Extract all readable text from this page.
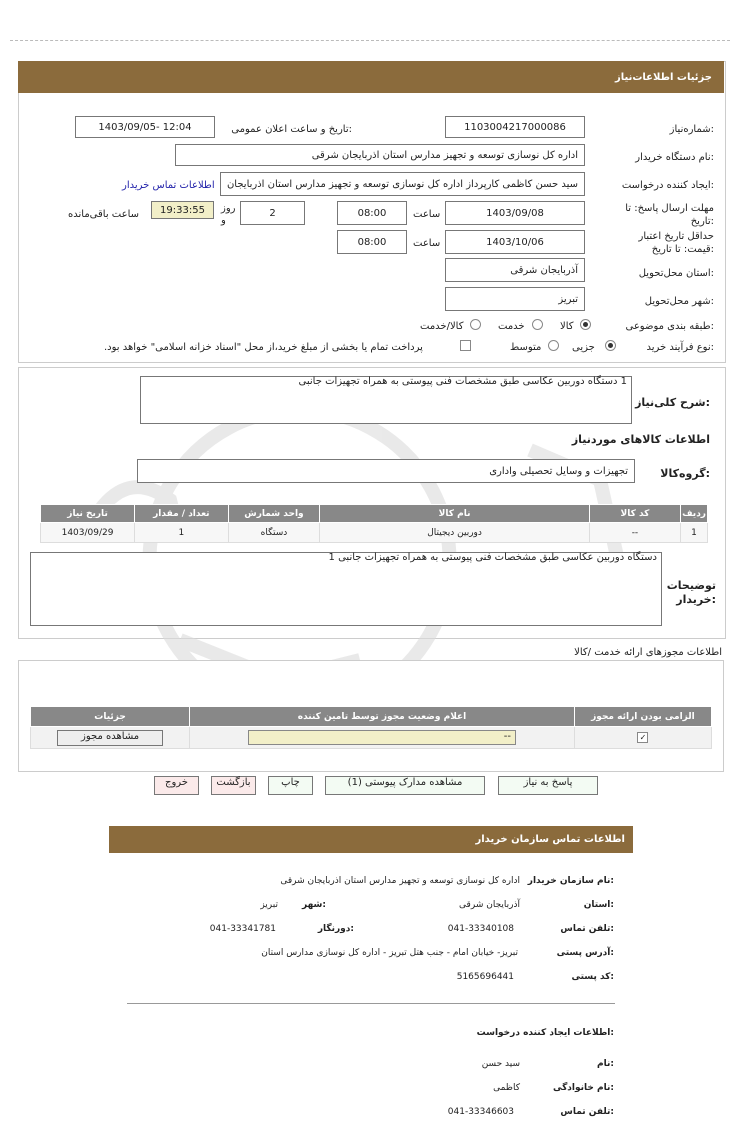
جزئیات اطلاعات‌نیاز
شماره‌نیاز:
1103004217000086
تاریخ و ساعت اعلان عمومی:
1403/09/05- 12:04
نام دستگاه خریدار:
اداره کل نوسازی توسعه و تجهیز مدارس استان اذربایجان شرقی
ایجاد کننده درخواست:
سید حسن کاظمی کارپرداز اداره کل نوسازی توسعه و تجهیز مدارس استان اذربایجان
اطلاعات تماس خریدار
مهلت ارسال پاسخ: تا تاریخ:
1403/09/08
ساعت
08:00
2
روز و
19:33:55
ساعت باقی‌مانده
حداقل تاریخ اعتبار قیمت: تا تاریخ:
1403/10/06
ساعت
08:00
استان محل‌تحویل:
آذربایجان شرقی
شهر محل‌تحویل:
تبریز
طبقه بندی موضوعی:
کالا
خدمت
کالا/خدمت
نوع فرآیند خرید:
جزیی
متوسط
پرداخت تمام یا بخشی از مبلغ خرید،از محل "اسناد خزانه اسلامی" خواهد بود.
شرح کلی‌نیاز:
1 دستگاه دوربین عکاسی طبق مشخصات فنی پیوستی به همراه تجهیزات جانبی
اطلاعات کالاهای موردنیاز
گروه‌کالا:
تجهیزات و وسایل تحصیلی واداری
ردیف	کد کالا	نام کالا	واحد شمارش	تعداد / مقدار	تاریخ نیاز
1	--	دوربین دیجیتال	دستگاه	1	1403/09/29
توضیحات خریدار:
دستگاه دوربین عکاسی طبق مشخصات فنی پیوستی به همراه تجهیزات جانبی 1
اطلاعات مجوزهای ارائه خدمت /کالا
الزامی بودن ارائه مجوز	اعلام وضعیت مجوز توسط تامین کننده	جزئیات
✓	--	مشاهده مجوز
پاسخ به نیاز
مشاهده مدارک پیوستی (1)
چاپ
بازگشت
خروج
اطلاعات تماس سازمان خریدار
نام سازمان خریدار:
اداره کل نوسازی توسعه و تجهیز مدارس استان اذربایجان شرقی
استان:
آذربایجان شرقی
شهر:
تبریز
تلفن تماس:
041-33340108
دورنگار:
041-33341781
آدرس پستی:
تبریز- خیابان امام - جنب هتل تبریز - اداره کل نوسازی مدارس استان
کد پستی:
5165696441
اطلاعات ایجاد کننده درخواست:
نام:
سید حسن
نام خانوادگی:
کاظمی
تلفن تماس:
041-33346603
